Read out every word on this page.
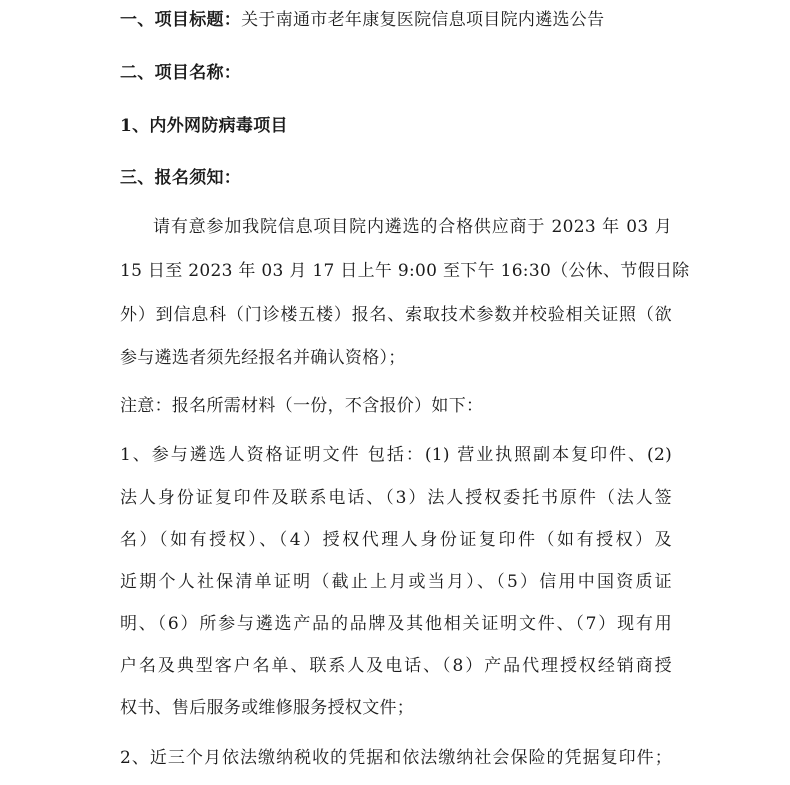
一、项目标题：关于南通市老年康复医院信息项目院内遴选公告
二、项目名称：
1、内外网防病毒项目
三、报名须知：
请有意参加我院信息项目院内遴选的合格供应商于 2023 年 03 月
15 日至 2023 年 03 月 17 日上午 9:00 至下午 16:30（公休、节假日除
外）到信息科（门诊楼五楼）报名、索取技术参数并校验相关证照（欲
参与遴选者须先经报名并确认资格）；
注意：报名所需材料（一份，不含报价）如下：
1、参与遴选人资格证明文件 包括：(1) 营业执照副本复印件、(2)
法人身份证复印件及联系电话、（3）法人授权委托书原件（法人签
名）（如有授权）、（4）授权代理人身份证复印件（如有授权）及
近期个人社保清单证明（截止上月或当月）、（5）信用中国资质证
明、（6）所参与遴选产品的品牌及其他相关证明文件、（7）现有用
户名及典型客户名单、联系人及电话、（8）产品代理授权经销商授
权书、售后服务或维修服务授权文件；
2、近三个月依法缴纳税收的凭据和依法缴纳社会保险的凭据复印件；
